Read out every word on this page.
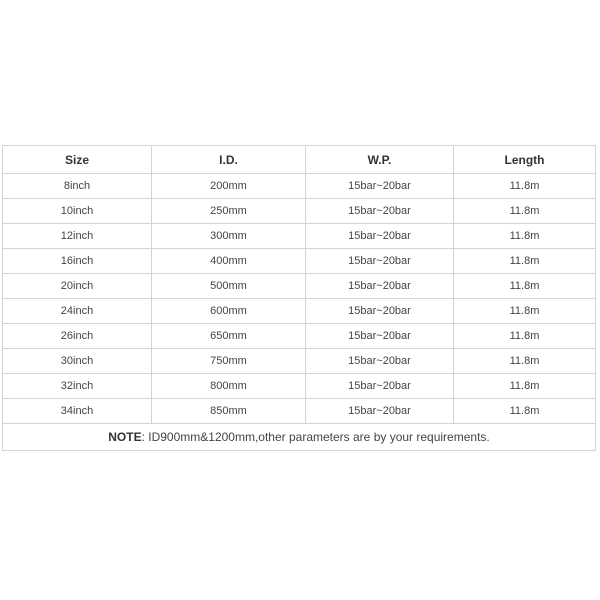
Size	I.D.	W.P.	Length
8inch	200mm	15bar~20bar	11.8m
10inch	250mm	15bar~20bar	11.8m
12inch	300mm	15bar~20bar	11.8m
16inch	400mm	15bar~20bar	11.8m
20inch	500mm	15bar~20bar	11.8m
24inch	600mm	15bar~20bar	11.8m
26inch	650mm	15bar~20bar	11.8m
30inch	750mm	15bar~20bar	11.8m
32inch	800mm	15bar~20bar	11.8m
34inch	850mm	15bar~20bar	11.8m
NOTE: ID900mm&1200mm,other parameters are by your requirements.			
